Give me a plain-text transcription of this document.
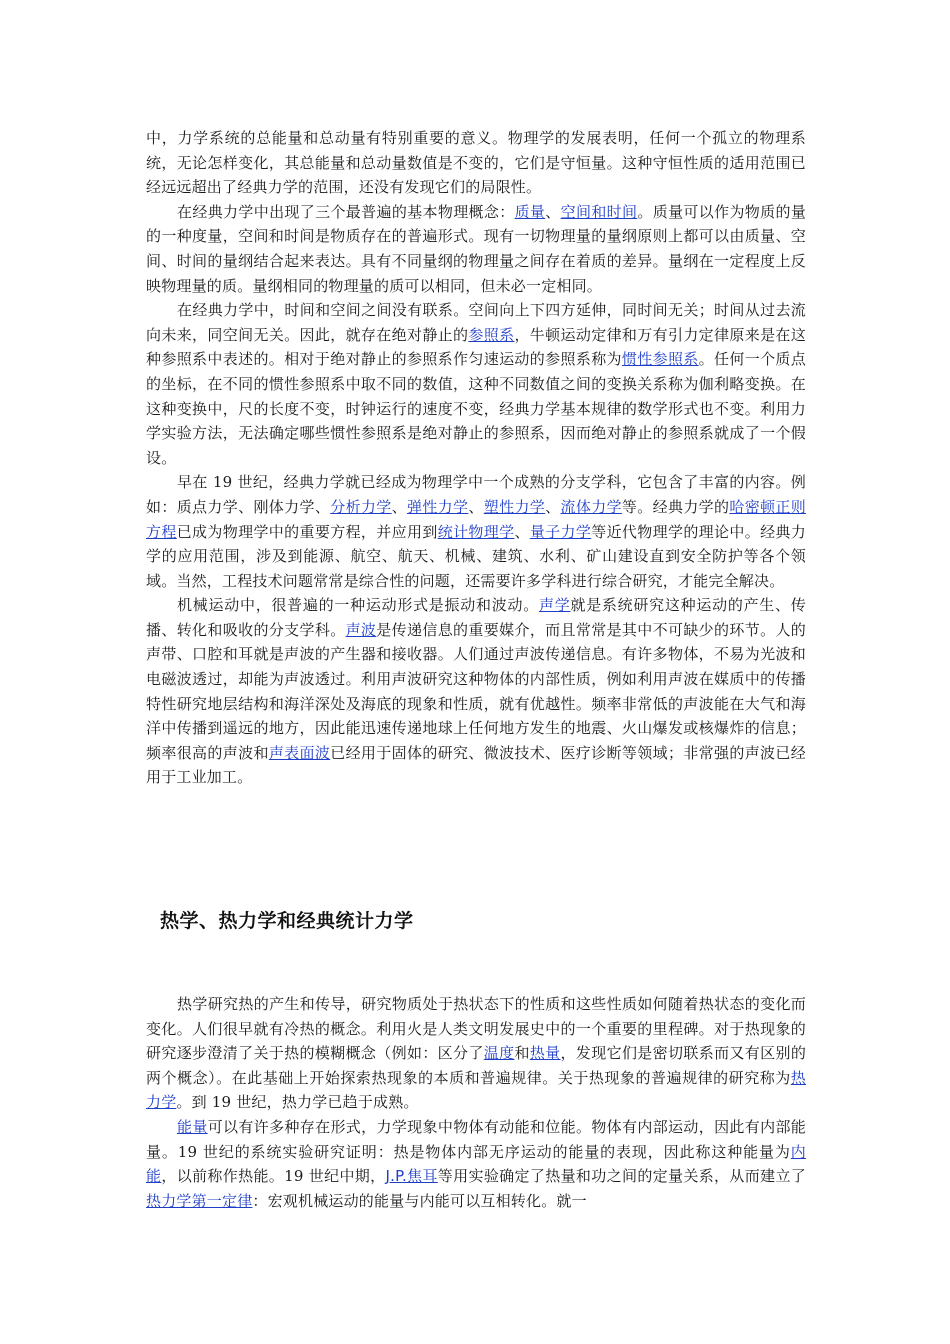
中，力学系统的总能量和总动量有特别重要的意义。物理学的发展表明，任何一个孤立的物理系统，无论怎样变化，其总能量和总动量数值是不变的，它们是守恒量。这种守恒性质的适用范围已经远远超出了经典力学的范围，还没有发现它们的局限性。

在经典力学中出现了三个最普遍的基本物理概念：质量、空间和时间。质量可以作为物质的量的一种度量，空间和时间是物质存在的普遍形式。现有一切物理量的量纲原则上都可以由质量、空间、时间的量纲结合起来表达。具有不同量纲的物理量之间存在着质的差异。量纲在一定程度上反映物理量的质。量纲相同的物理量的质可以相同，但未必一定相同。

在经典力学中，时间和空间之间没有联系。空间向上下四方延伸，同时间无关；时间从过去流向未来，同空间无关。因此，就存在绝对静止的参照系，牛顿运动定律和万有引力定律原来是在这种参照系中表述的。相对于绝对静止的参照系作匀速运动的参照系称为惯性参照系。任何一个质点的坐标，在不同的惯性参照系中取不同的数值，这种不同数值之间的变换关系称为伽利略变换。在这种变换中，尺的长度不变，时钟运行的速度不变，经典力学基本规律的数学形式也不变。利用力学实验方法，无法确定哪些惯性参照系是绝对静止的参照系，因而绝对静止的参照系就成了一个假设。

早在 19 世纪，经典力学就已经成为物理学中一个成熟的分支学科，它包含了丰富的内容。例如：质点力学、刚体力学、分析力学、弹性力学、塑性力学、流体力学等。经典力学的哈密顿正则方程已成为物理学中的重要方程，并应用到统计物理学、量子力学等近代物理学的理论中。经典力学的应用范围，涉及到能源、航空、航天、机械、建筑、水利、矿山建设直到安全防护等各个领域。当然，工程技术问题常常是综合性的问题，还需要许多学科进行综合研究，才能完全解决。

机械运动中，很普遍的一种运动形式是振动和波动。声学就是系统研究这种运动的产生、传播、转化和吸收的分支学科。声波是传递信息的重要媒介，而且常常是其中不可缺少的环节。人的声带、口腔和耳就是声波的产生器和接收器。人们通过声波传递信息。有许多物体，不易为光波和电磁波透过，却能为声波透过。利用声波研究这种物体的内部性质，例如利用声波在媒质中的传播特性研究地层结构和海洋深处及海底的现象和性质，就有优越性。频率非常低的声波能在大气和海洋中传播到遥远的地方，因此能迅速传递地球上任何地方发生的地震、火山爆发或核爆炸的信息；频率很高的声波和声表面波已经用于固体的研究、微波技术、医疗诊断等领域；非常强的声波已经用于工业加工。

热学、热力学和经典统计力学

热学研究热的产生和传导，研究物质处于热状态下的性质和这些性质如何随着热状态的变化而变化。人们很早就有冷热的概念。利用火是人类文明发展史中的一个重要的里程碑。对于热现象的研究逐步澄清了关于热的模糊概念（例如：区分了温度和热量，发现它们是密切联系而又有区别的两个概念）。在此基础上开始探索热现象的本质和普遍规律。关于热现象的普遍规律的研究称为热力学。到 19 世纪，热力学已趋于成熟。

能量可以有许多种存在形式，力学现象中物体有动能和位能。物体有内部运动，因此有内部能量。19 世纪的系统实验研究证明：热是物体内部无序运动的能量的表现，因此称这种能量为内能，以前称作热能。19 世纪中期，J.P.焦耳等用实验确定了热量和功之间的定量关系，从而建立了热力学第一定律：宏观机械运动的能量与内能可以互相转化。就一
